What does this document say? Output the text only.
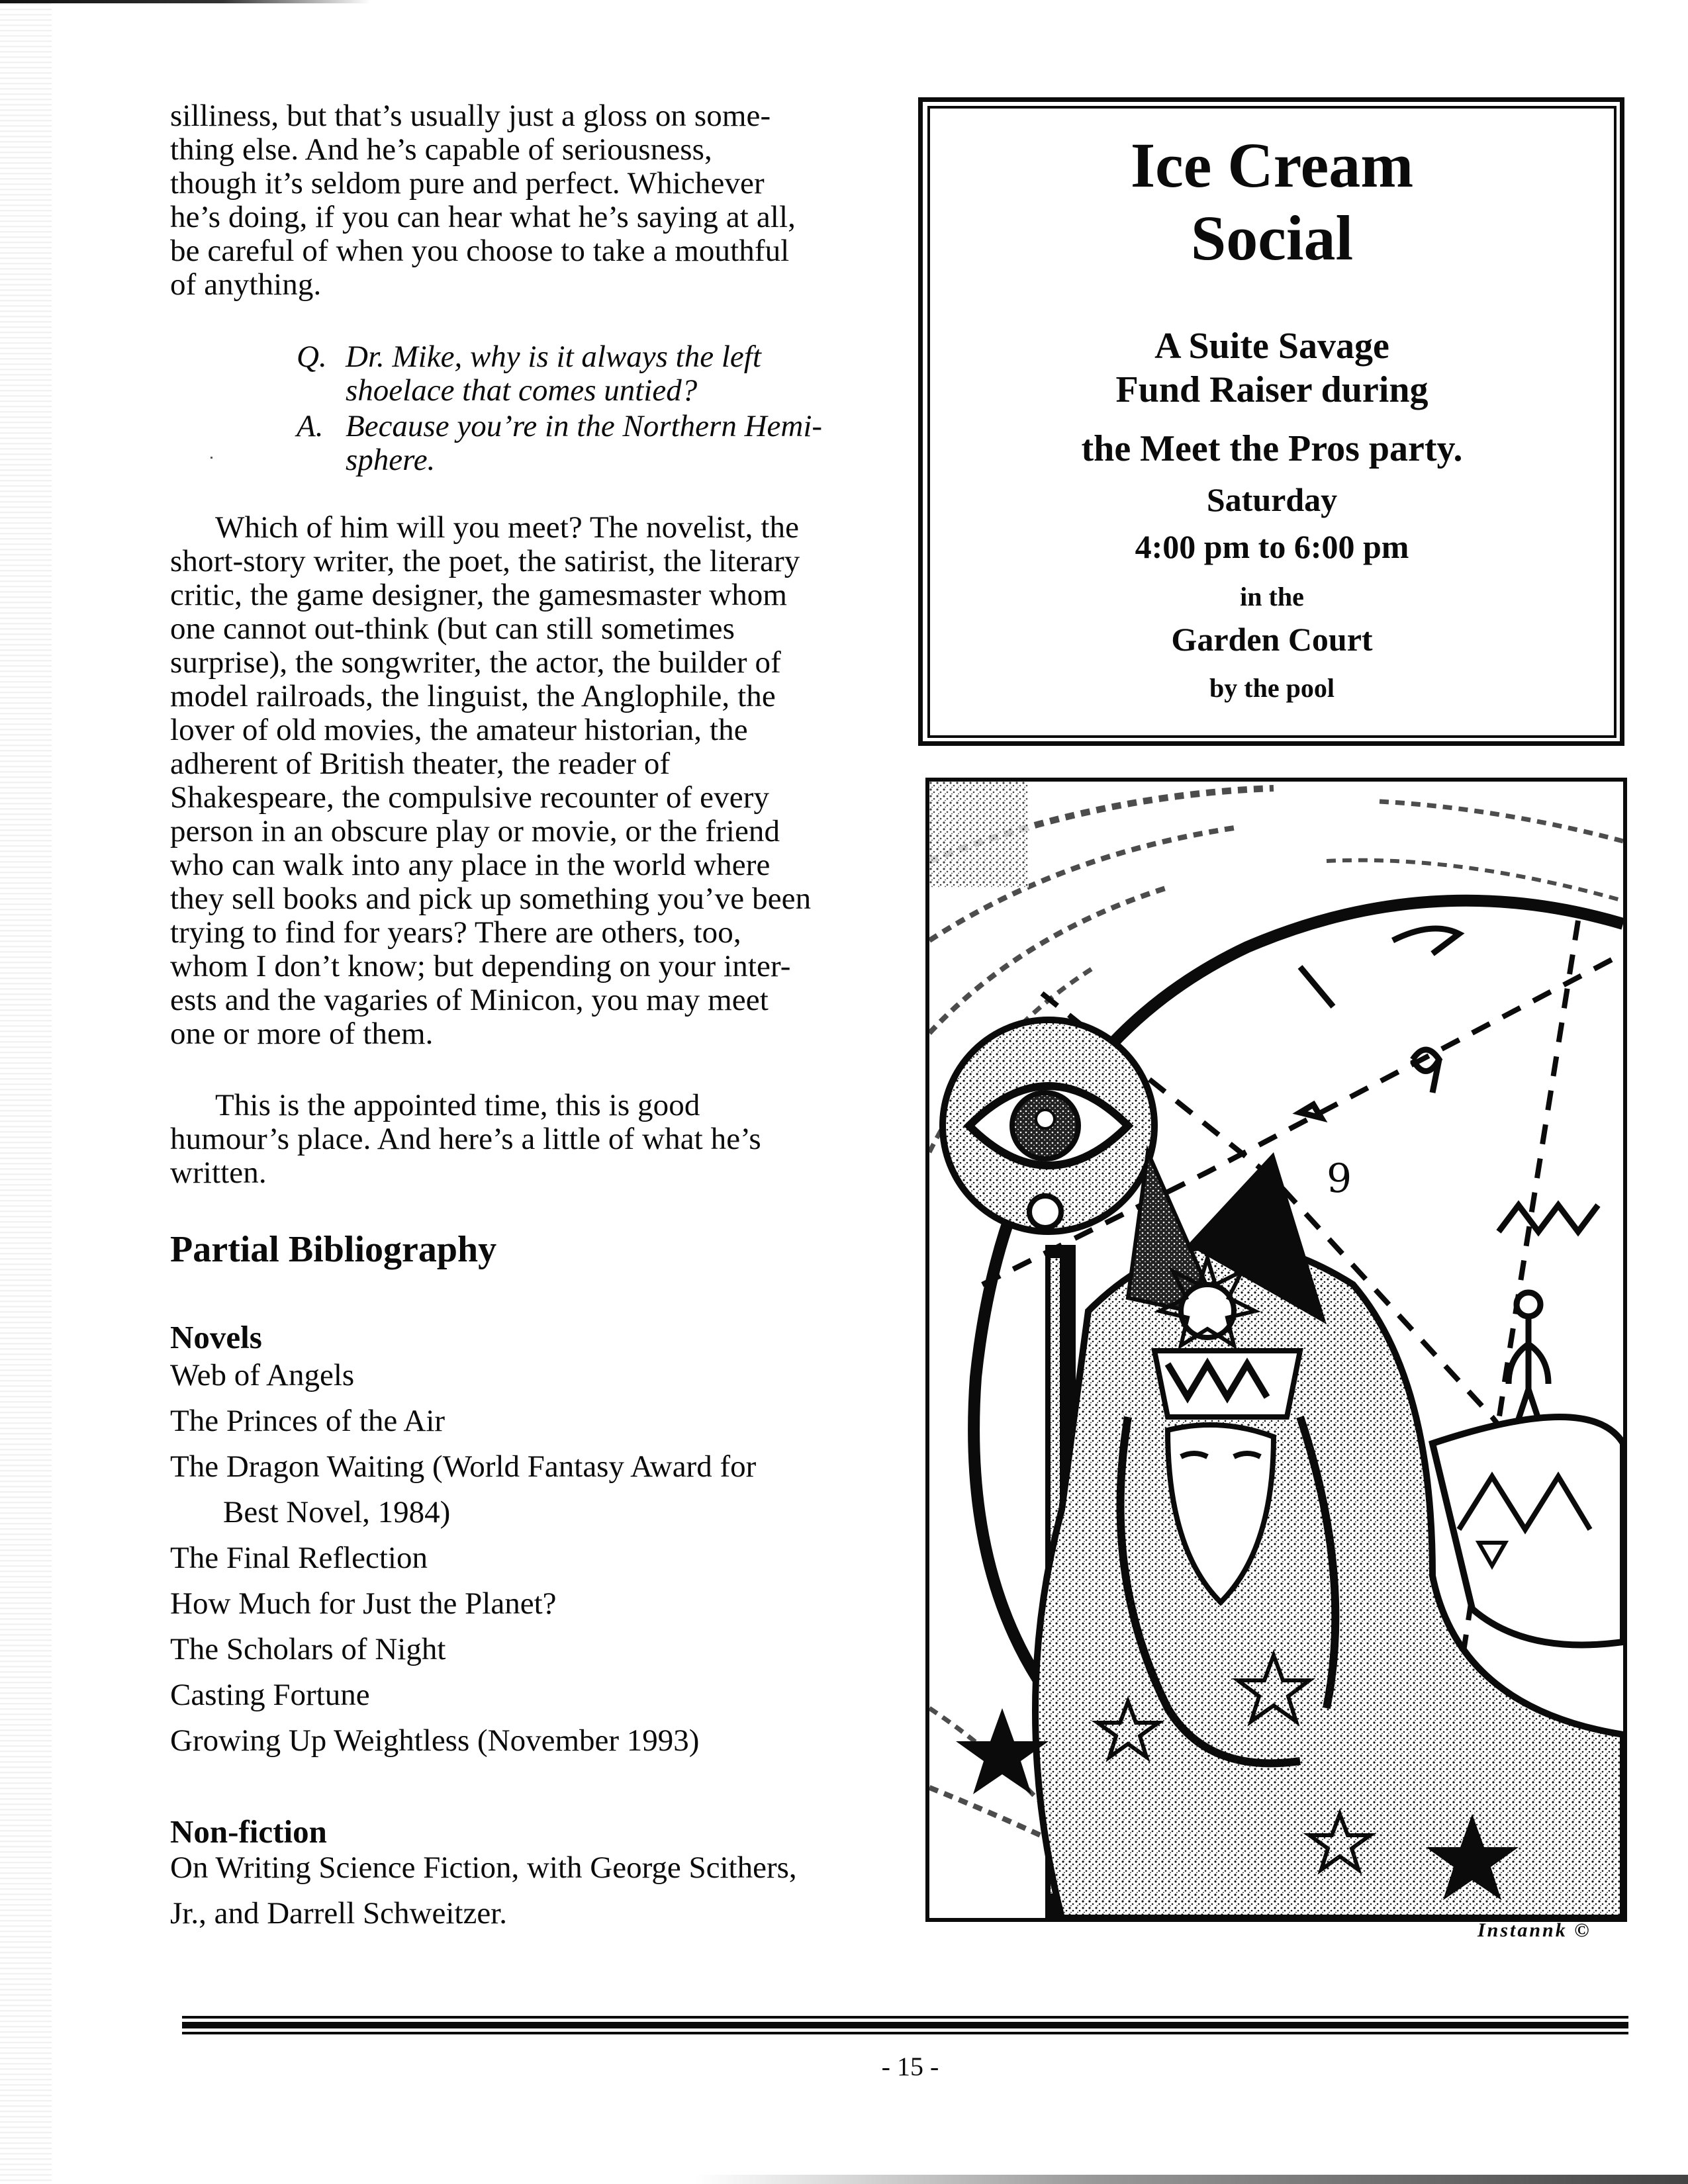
silliness, but that’s usually just a gloss on some-
thing else. And he’s capable of seriousness,
though it’s seldom pure and perfect. Whichever
he’s doing, if you can hear what he’s saying at all,
be careful of when you choose to take a mouthful
of anything.
Q. Dr. Mike, why is it always the left
shoelace that comes untied?
A. Because you’re in the Northern Hemi-
sphere.
Which of him will you meet? The novelist, the
short-story writer, the poet, the satirist, the literary
critic, the game designer, the gamesmaster whom
one cannot out-think (but can still sometimes
surprise), the songwriter, the actor, the builder of
model railroads, the linguist, the Anglophile, the
lover of old movies, the amateur historian, the
adherent of British theater, the reader of
Shakespeare, the compulsive recounter of every
person in an obscure play or movie, or the friend
who can walk into any place in the world where
they sell books and pick up something you’ve been
trying to find for years? There are others, too,
whom I don’t know; but depending on your inter-
ests and the vagaries of Minicon, you may meet
one or more of them.
This is the appointed time, this is good
humour’s place. And here’s a little of what he’s
written.
Partial Bibliography
Novels
Web of Angels
The Princes of the Air
The Dragon Waiting (World Fantasy Award for
Best Novel, 1984)
The Final Reflection
How Much for Just the Planet?
The Scholars of Night
Casting Fortune
Growing Up Weightless (November 1993)
Non-fiction
On Writing Science Fiction, with George Scithers,
Jr., and Darrell Schweitzer.
Ice Cream
Social
A Suite Savage
Fund Raiser during
the Meet the Pros party.
Saturday
4:00 pm to 6:00 pm
in the
Garden Court
by the pool
9
Instannk ©
- 15 -
